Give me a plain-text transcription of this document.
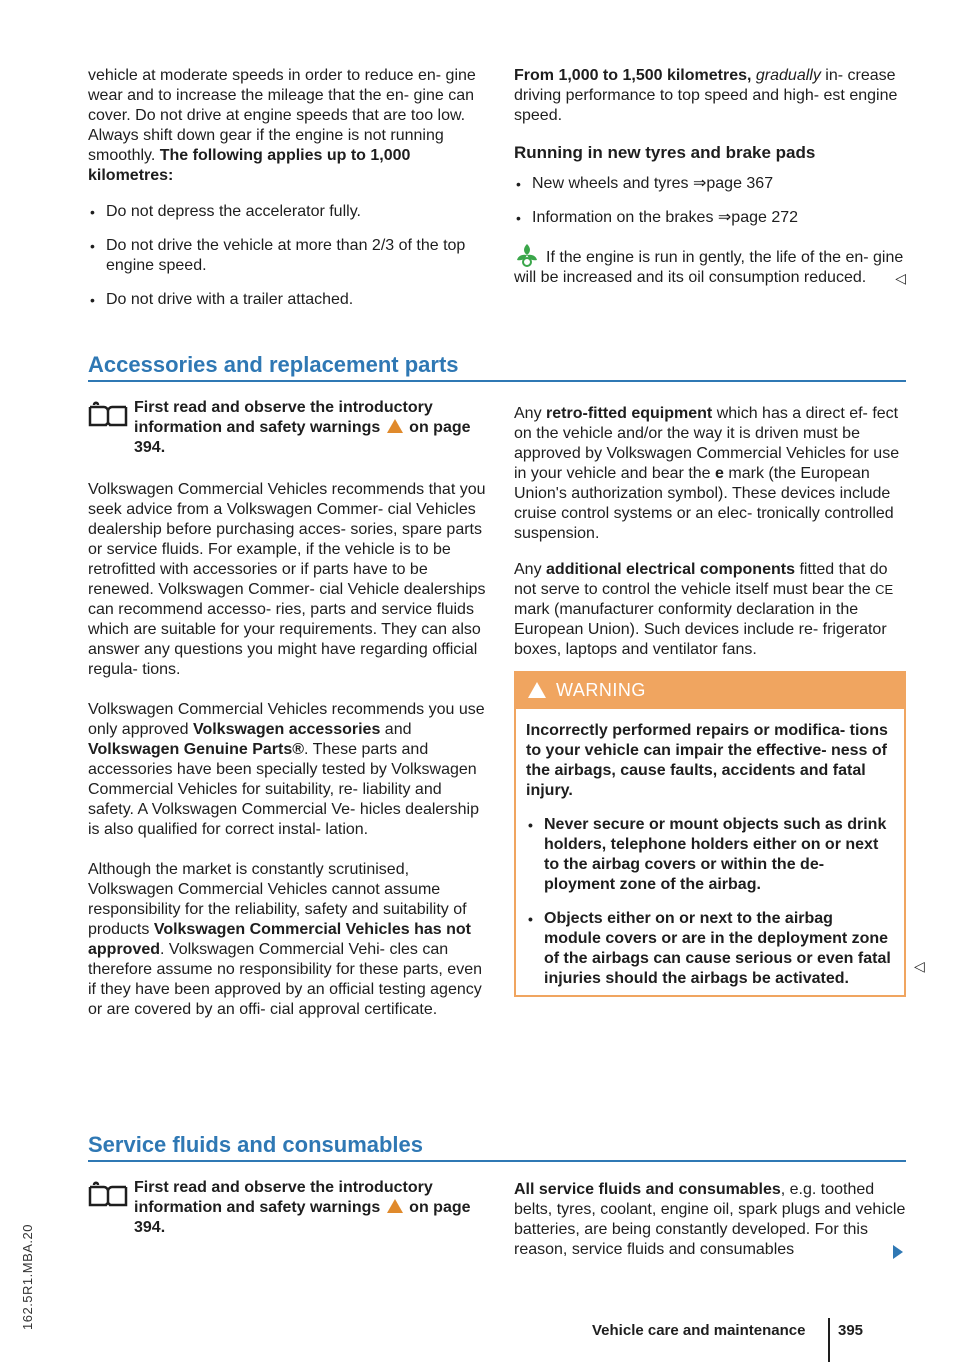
vehicle at moderate speeds in order to reduce en- gine wear and to increase the mileage that the en- gine can cover. Do not drive at engine speeds that are too low. Always shift down gear if the engine is not running smoothly. The following applies up to 1,000 kilometres:

• Do not depress the accelerator fully.
• Do not drive the vehicle at more than 2/3 of the top engine speed.
• Do not drive with a trailer attached.

From 1,000 to 1,500 kilometres, gradually in- crease driving performance to top speed and high- est engine speed.

Running in new tyres and brake pads
• New wheels and tyres ⇒page 367
• Information on the brakes ⇒page 272

If the engine is run in gently, the life of the en- gine will be increased and its oil consumption reduced. ◁

Accessories and replacement parts

First read and observe the introductory information and safety warnings on page 394.

Volkswagen Commercial Vehicles recommends that you seek advice from a Volkswagen Commer- cial Vehicles dealership before purchasing acces- sories, spare parts or service fluids. For example, if the vehicle is to be retrofitted with accessories or if parts have to be renewed. Volkswagen Commer- cial Vehicle dealerships can recommend accesso- ries, parts and service fluids which are suitable for your requirements. They can also answer any questions you might have regarding official regula- tions.

Volkswagen Commercial Vehicles recommends you use only approved Volkswagen accessories and Volkswagen Genuine Parts®. These parts and accessories have been specially tested by Volkswagen Commercial Vehicles for suitability, re- liability and safety. A Volkswagen Commercial Ve- hicles dealership is also qualified for correct instal- lation.

Although the market is constantly scrutinised, Volkswagen Commercial Vehicles cannot assume responsibility for the reliability, safety and suitability of products Volkswagen Commercial Vehicles has not approved. Volkswagen Commercial Vehi- cles can therefore assume no responsibility for these parts, even if they have been approved by an official testing agency or are covered by an offi- cial approval certificate.

Any retro-fitted equipment which has a direct ef- fect on the vehicle and/or the way it is driven must be approved by Volkswagen Commercial Vehicles for use in your vehicle and bear the e mark (the European Union's authorization symbol). These devices include cruise control systems or an elec- tronically controlled suspension.

Any additional electrical components fitted that do not serve to control the vehicle itself must bear the CE mark (manufacturer conformity declaration in the European Union). Such devices include re- frigerator boxes, laptops and ventilator fans.

WARNING

Incorrectly performed repairs or modifica- tions to your vehicle can impair the effective- ness of the airbags, cause faults, accidents and fatal injury.

• Never secure or mount objects such as drink holders, telephone holders either on or next to the airbag covers or within the de- ployment zone of the airbag.
• Objects either on or next to the airbag module covers or are in the deployment zone of the airbags can cause serious or even fatal injuries should the airbags be activated.
◁
Service fluids and consumables

First read and observe the introductory information and safety warnings on page 394.

All service fluids and consumables, e.g. toothed belts, tyres, coolant, engine oil, spark plugs and vehicle batteries, are being constantly developed. For this reason, service fluids and consumables

162.5R1.MBA.20
Vehicle care and maintenance 395
